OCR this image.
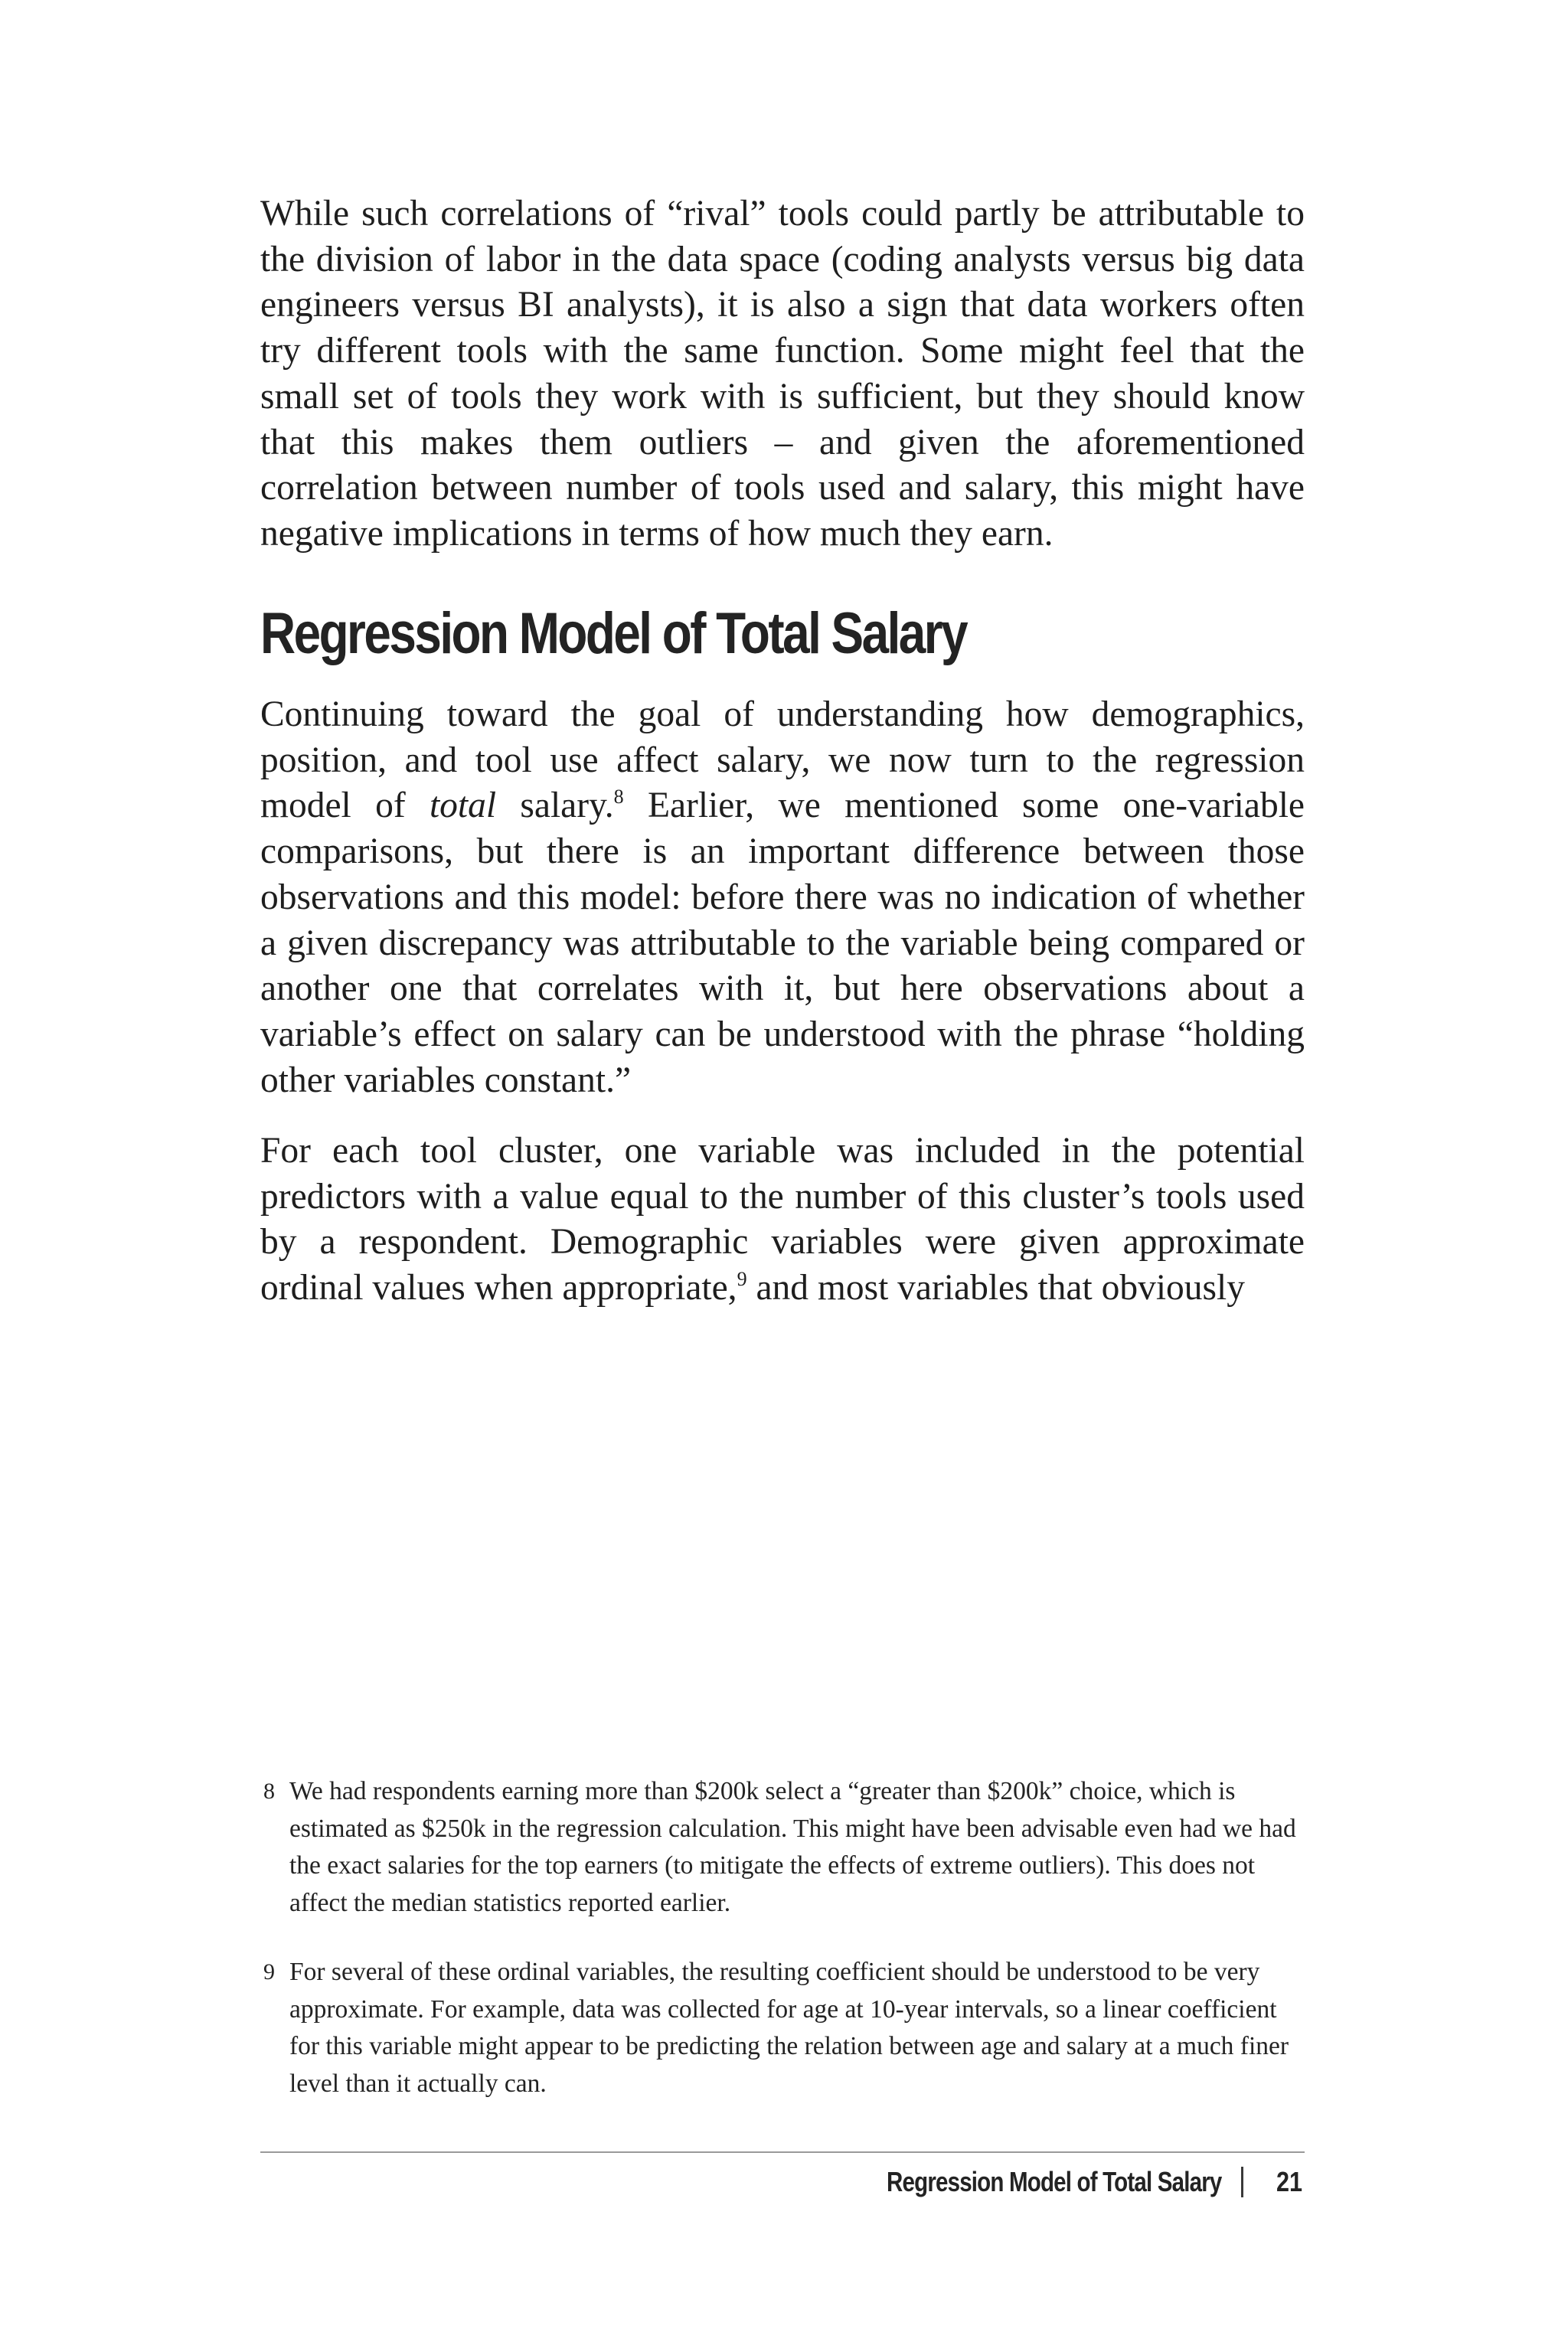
While such correlations of “rival” tools could partly be attributable to the division of labor in the data space (coding analysts versus big data engineers versus BI analysts), it is also a sign that data workers often try different tools with the same function. Some might feel that the small set of tools they work with is sufficient, but they should know that this makes them outliers – and given the aforementioned correlation between number of tools used and salary, this might have negative implications in terms of how much they earn.

Regression Model of Total Salary

Continuing toward the goal of understanding how demographics, position, and tool use affect salary, we now turn to the regression model of total salary.$^8$ Earlier, we mentioned some one-variable comparisons, but there is an important difference between those observations and this model: before there was no indication of whether a given discrepancy was attributable to the variable being compared or another one that correlates with it, but here observations about a variable’s effect on salary can be understood with the phrase “holding other variables constant.”

For each tool cluster, one variable was included in the potential predictors with a value equal to the number of this cluster’s tools used by a respondent. Demographic variables were given approximate ordinal values when appropriate,$^9$ and most variables that obviously

8 We had respondents earning more than $200k select a “greater than $200k” choice, which is estimated as $250k in the regression calculation. This might have been advisable even had we had the exact salaries for the top earners (to mitigate the effects of extreme outliers). This does not affect the median statistics reported earlier.
9 For several of these ordinal variables, the resulting coefficient should be understood to be very approximate. For example, data was collected for age at 10-year intervals, so a linear coefficient for this variable might appear to be predicting the relation between age and salary at a much finer level than it actually can.
Regression Model of Total Salary 21
